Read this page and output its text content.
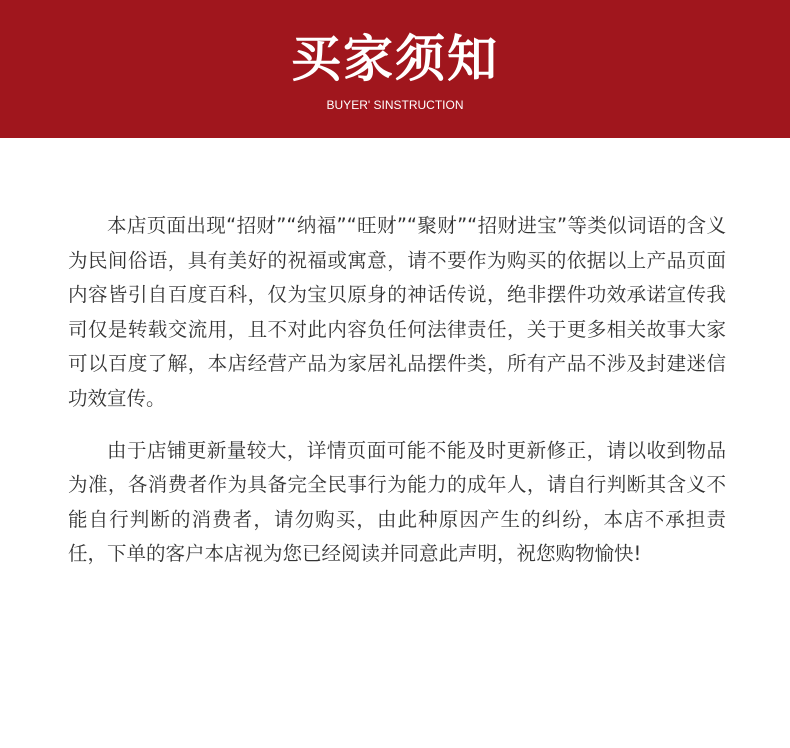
买家须知
BUYER' SINSTRUCTION

本店页面出现“招财”“纳福”“旺财”“聚财”“招财进宝”等类似词语的含义为民间俗语，具有美好的祝福或寓意，请不要作为购买的依据以上产品页面内容皆引自百度百科，仅为宝贝原身的神话传说，绝非摆件功效承诺宣传我司仅是转载交流用，且不对此内容负任何法律责任，关于更多相关故事大家可以百度了解，本店经营产品为家居礼品摆件类，所有产品不涉及封建迷信功效宣传。

由于店铺更新量较大，详情页面可能不能及时更新修正，请以收到物品为准，各消费者作为具备完全民事行为能力的成年人，请自行判断其含义不能自行判断的消费者，请勿购买，由此种原因产生的纠纷，本店不承担责任，下单的客户本店视为您已经阅读并同意此声明，祝您购物愉快!
